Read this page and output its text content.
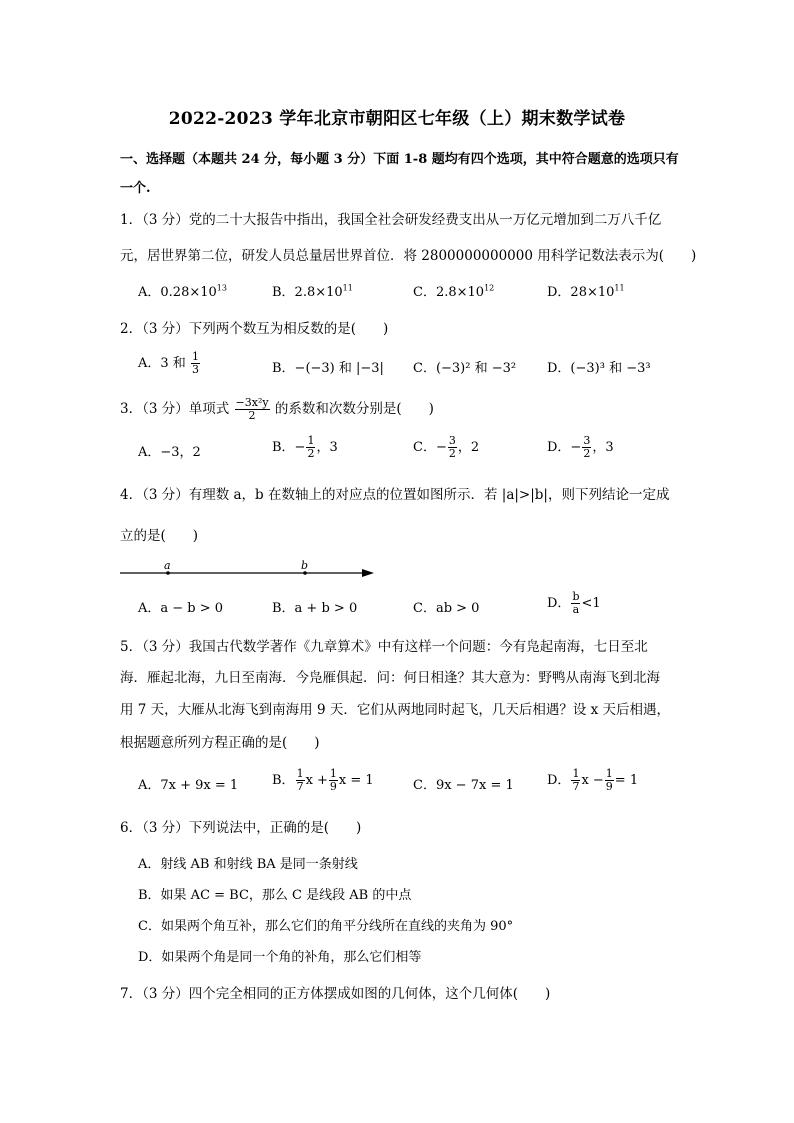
2022-2023 学年北京市朝阳区七年级（上）期末数学试卷
一、选择题（本题共 24 分，每小题 3 分）下面 1-8 题均有四个选项，其中符合题意的选项只有一个.
1．（3 分）党的二十大报告中指出，我国全社会研发经费支出从一万亿元增加到二万八千亿
元，居世界第二位，研发人员总量居世界首位．将 2800000000000 用科学记数法表示为(　　)
A．$0.28\times 10^{13}$	B．$2.8\times 10^{11}$	C．$2.8\times 10^{12}$	D．$28\times 10^{11}$
2．（3 分）下列两个数互为相反数的是(　　)
A．3 和 $\frac{1}{3}$	B．−(−3) 和 |−3| C．(−3)² 和 −3² D．(−3)³ 和 −3³
3．（3 分）单项式 $\frac{\text{−3x²y}}{2}$ 的系数和次数分别是(　　)
A．−3，2	B．− $\frac{1}{2}$ ，3	C．− $\frac{3}{2}$ ，2	D．− $\frac{3}{2}$ ，3
4．（3 分）有理数 a，b 在数轴上的对应点的位置如图所示．若 |a|>|b|，则下列结论一定成
立的是(　　)
a	b
A．a − b > 0	B．a + b > 0	C．ab > 0	D． $\frac{b}{a} <1$
5．（3 分）我国古代数学著作《九章算术》中有这样一个问题：今有凫起南海，七日至北
海．雁起北海，九日至南海．今凫雁俱起．问：何日相逢？其大意为：野鸭从南海飞到北海
用 7 天，大雁从北海飞到南海用 9 天．它们从两地同时起飞，几天后相遇？设 x 天后相遇，
根据题意所列方程正确的是(　　)
A．7x + 9x = 1	B． $\frac{1}{7}$ $x + \frac{1}{9}$ x = 1	C．9x − 7x = 1	D． $\frac{1}{7}$ $x - \frac{1}{9} = 1$
6．（3 分）下列说法中，正确的是(　　)
A．射线 AB 和射线 BA 是同一条射线
B．如果 AC = BC，那么 C 是线段 AB 的中点
C．如果两个角互补，那么它们的角平分线所在直线的夹角为 90°
D．如果两个角是同一个角的补角，那么它们相等
7．（3 分）四个完全相同的正方体摆成如图的几何体，这个几何体(　　)
